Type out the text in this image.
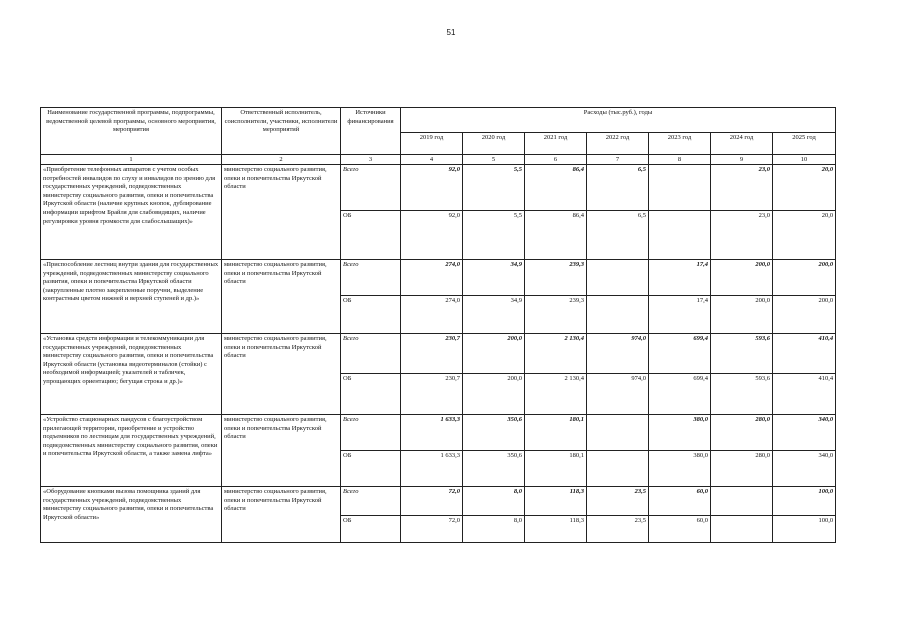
51
Наименование государственной программы, подпрограммы, ведомственной целевой программы, основного мероприятия, мероприятия	Ответственный исполнитель, соисполнители, участники, исполнители мероприятий	Источники финансирования	Расходы (тыс.руб.), годы						
			2019 год	2020 год	2021 год	2022 год	2023 год	2024 год	2025 год
1	2	3	4	5	6	7	8	9	10
«Приобретение телефонных аппаратов с учетом особых потребностей инвалидов по слуху и инвалидов по зрению для государственных учреждений, подведомственных министерству социального развития, опеки и попечительства Иркутской области (наличие крупных кнопок, дублирование информации шрифтом Брайля для слабовидящих, наличие регулировки уровня громкости для слабослышащих)»	министерство социального развития, опеки и попечительства Иркутской области	Всего	92,0	5,5	86,4	6,5		23,0	20,0
		ОБ	92,0	5,5	86,4	6,5		23,0	20,0
«Приспособление лестниц внутри здания для государственных учреждений, подведомственных министерству социального развития, опеки и попечительства Иркутской области (закрупленные плотно закрепленные поручни, выделение контрастным цветом нижней и верхней ступеней и др.)»	министерство социального развития, опеки и попечительства Иркутской области	Всего	274,0	34,9	239,3		17,4	200,0	200,0
		ОБ	274,0	34,9	239,3		17,4	200,0	200,0
«Установка средств информации и телекоммуникации для государственных учреждений, подведомственных министерству социального развития, опеки и попечительства Иркутской области (установка видеотерминалов (стойки) с необходимой информацией; указателей и табличек, упрощающих ориентацию; бегущая строка и др.)»	министерство социального развития, опеки и попечительства Иркутской области	Всего	230,7	200,0	2 130,4	974,0	699,4	593,6	410,4
		ОБ	230,7	200,0	2 130,4	974,0	699,4	593,6	410,4
«Устройство стационарных пандусов с благоустройством прилегающей территории, приобретение и устройство подъемников по лестницам для государственных учреждений, подведомственных министерству социального развития, опеки и попечительства Иркутской области, а также замена лифта»	министерство социального развития, опеки и попечительства Иркутской области	Всего	1 633,3	350,6	180,1		380,0	280,0	340,0
		ОБ	1 633,3	350,6	180,1		380,0	280,0	340,0
«Оборудование кнопками вызова помощника зданий для государственных учреждений, подведомственных министерству социального развития, опеки и попечительства Иркутской области»	министерство социального развития, опеки и попечительства Иркутской области	Всего	72,0	8,0	118,3	23,5	60,0		100,0
		ОБ	72,0	8,0	118,3	23,5	60,0		100,0
